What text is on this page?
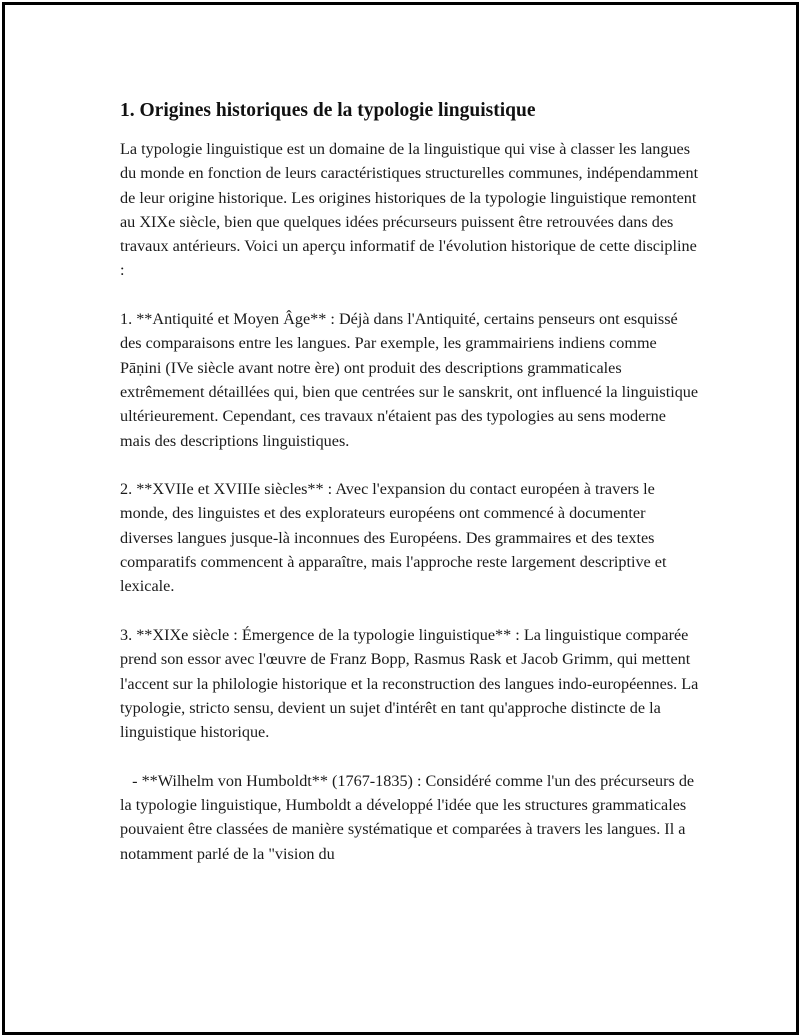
1. Origines historiques de la typologie linguistique

La typologie linguistique est un domaine de la linguistique qui vise à classer les langues du monde en fonction de leurs caractéristiques structurelles communes, indépendamment de leur origine historique. Les origines historiques de la typologie linguistique remontent au XIXe siècle, bien que quelques idées précurseurs puissent être retrouvées dans des travaux antérieurs. Voici un aperçu informatif de l'évolution historique de cette discipline :

1. **Antiquité et Moyen Âge** : Déjà dans l'Antiquité, certains penseurs ont esquissé des comparaisons entre les langues. Par exemple, les grammairiens indiens comme Pāṇini (IVe siècle avant notre ère) ont produit des descriptions grammaticales extrêmement détaillées qui, bien que centrées sur le sanskrit, ont influencé la linguistique ultérieurement. Cependant, ces travaux n'étaient pas des typologies au sens moderne mais des descriptions linguistiques.

2. **XVIIe et XVIIIe siècles** : Avec l'expansion du contact européen à travers le monde, des linguistes et des explorateurs européens ont commencé à documenter diverses langues jusque-là inconnues des Européens. Des grammaires et des textes comparatifs commencent à apparaître, mais l'approche reste largement descriptive et lexicale.

3. **XIXe siècle : Émergence de la typologie linguistique** : La linguistique comparée prend son essor avec l'œuvre de Franz Bopp, Rasmus Rask et Jacob Grimm, qui mettent l'accent sur la philologie historique et la reconstruction des langues indo-européennes. La typologie, stricto sensu, devient un sujet d'intérêt en tant qu'approche distincte de la linguistique historique.

- **Wilhelm von Humboldt** (1767-1835) : Considéré comme l'un des précurseurs de la typologie linguistique, Humboldt a développé l'idée que les structures grammaticales pouvaient être classées de manière systématique et comparées à travers les langues. Il a notamment parlé de la "vision du
